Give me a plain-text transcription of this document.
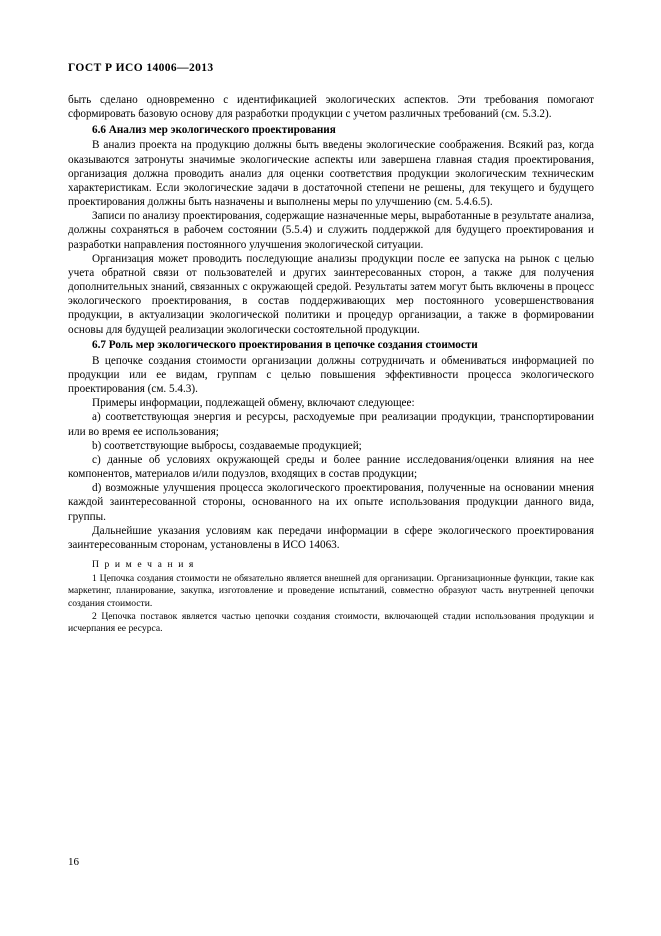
ГОСТ Р ИСО 14006—2013

быть сделано одновременно с идентификацией экологических аспектов. Эти требования помогают сформировать базовую основу для разработки продукции с учетом различных требований (см. 5.3.2).

6.6 Анализ мер экологического проектирования

В анализ проекта на продукцию должны быть введены экологические соображения. Всякий раз, когда оказываются затронуты значимые экологические аспекты или завершена главная стадия проектирования, организация должна проводить анализ для оценки соответствия продукции экологическим техническим характеристикам. Если экологические задачи в достаточной степени не решены, для текущего и будущего проектирования должны быть назначены и выполнены меры по улучшению (см. 5.4.6.5).

Записи по анализу проектирования, содержащие назначенные меры, выработанные в результате анализа, должны сохраняться в рабочем состоянии (5.5.4) и служить поддержкой для будущего проектирования и разработки направления постоянного улучшения экологической ситуации.

Организация может проводить последующие анализы продукции после ее запуска на рынок с целью учета обратной связи от пользователей и других заинтересованных сторон, а также для получения дополнительных знаний, связанных с окружающей средой. Результаты затем могут быть включены в процесс экологического проектирования, в состав поддерживающих мер постоянного усовершенствования продукции, в актуализации экологической политики и процедур организации, а также в формировании основы для будущей реализации экологически состоятельной продукции.

6.7 Роль мер экологического проектирования в цепочке создания стоимости

В цепочке создания стоимости организации должны сотрудничать и обмениваться информацией по продукции или ее видам, группам с целью повышения эффективности процесса экологического проектирования (см. 5.4.3).

Примеры информации, подлежащей обмену, включают следующее:

a) соответствующая энергия и ресурсы, расходуемые при реализации продукции, транспортировании или во время ее использования;

b) соответствующие выбросы, создаваемые продукцией;

c) данные об условиях окружающей среды и более ранние исследования/оценки влияния на нее компонентов, материалов и/или подузлов, входящих в состав продукции;

d) возможные улучшения процесса экологического проектирования, полученные на основании мнения каждой заинтересованной стороны, основанного на их опыте использования продукции данного вида, группы.

Дальнейшие указания условиям как передачи информации в сфере экологического проектирования заинтересованным сторонам, установлены в ИСО 14063.

П р и м е ч а н и я

1 Цепочка создания стоимости не обязательно является внешней для организации. Организационные функции, такие как маркетинг, планирование, закупка, изготовление и проведение испытаний, совместно образуют часть внутренней цепочки создания стоимости.

2 Цепочка поставок является частью цепочки создания стоимости, включающей стадии использования продукции и исчерпания ее ресурса.

16
